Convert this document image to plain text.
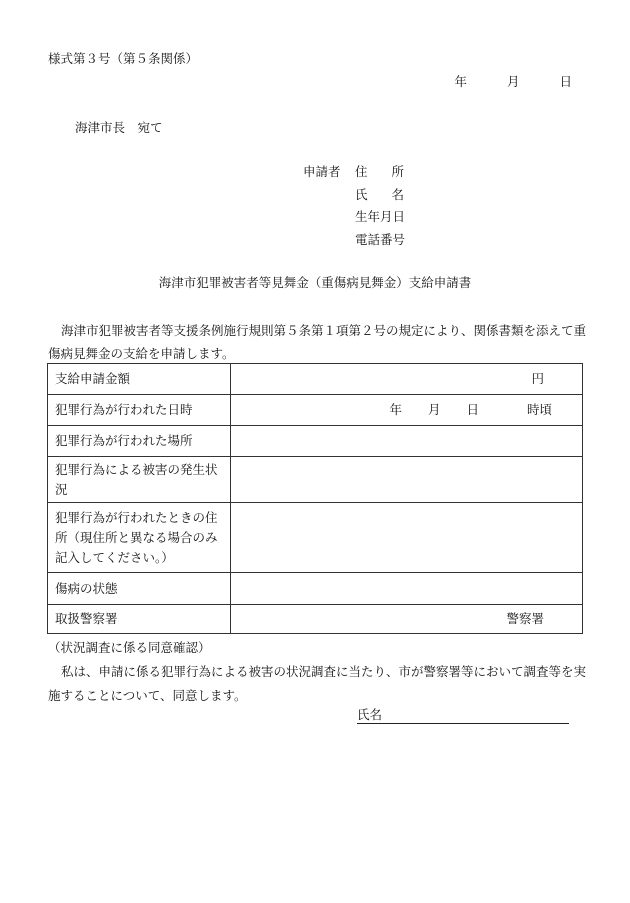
様式第３号（第５条関係）
年	月	日
海津市長　宛て
申請者 住所
氏名
生年月日
電話番号
海津市犯罪被害者等見舞金（重傷病見舞金）支給申請書
海津市犯罪被害者等支援条例施行規則第５条第１項第２号の規定により、関係書類を添えて重傷病見舞金の支給を申請します。
支給申請金額	円
犯罪行為が行われた日時	年 月 日 時頃
犯罪行為が行われた場所	
犯罪行為による被害の発生状況	
犯罪行為が行われたときの住所（現住所と異なる場合のみ記入してください。）	
傷病の状態	
取扱警察署	警察署
（状況調査に係る同意確認）
私は、申請に係る犯罪行為による被害の状況調査に当たり、市が警察署等において調査等を実施することについて、同意します。
氏名
